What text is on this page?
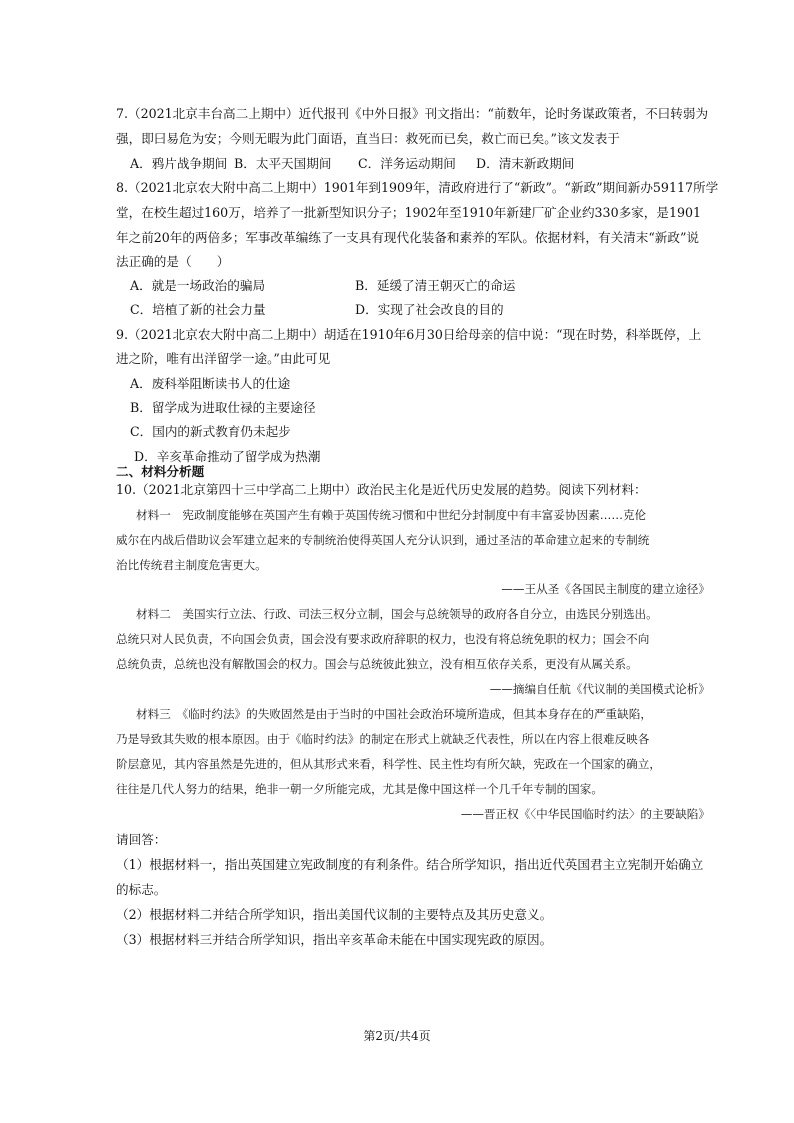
7.（2021北京丰台高二上期中）近代报刊《中外日报》刊文指出：“前数年，论时务谋政策者，不曰转弱为
强，即曰易危为安；今则无暇为此门面语，直当曰：救死而已矣，救亡而已矣。”该文发表于
A．鸦片战争期间 B．太平天国期间 C．洋务运动期间 D．清末新政期间
8.（2021北京农大附中高二上期中）1901年到1909年，清政府进行了“新政”。“新政”期间新办59117所学
堂，在校生超过160万，培养了一批新型知识分子；1902年至1910年新建厂矿企业约330多家，是1901
年之前20年的两倍多；军事改革编练了一支具有现代化装备和素养的军队。依据材料，有关清末“新政”说
法正确的是（　　）
A．就是一场政治的骗局	B．延缓了清王朝灭亡的命运
C．培植了新的社会力量	D．实现了社会改良的目的
9.（2021北京农大附中高二上期中）胡适在1910年6月30日给母亲的信中说：“现在时势，科举既停，上
进之阶，唯有出洋留学一途。”由此可见
A．废科举阻断读书人的仕途
B．留学成为进取仕禄的主要途径
C．国内的新式教育仍未起步
D．辛亥革命推动了留学成为热潮
二、材料分析题
10.（2021北京第四十三中学高二上期中）政治民主化是近代历史发展的趋势。阅读下列材料：
材料一　宪政制度能够在英国产生有赖于英国传统习惯和中世纪分封制度中有丰富妥协因素……克伦
威尔在内战后借助议会军建立起来的专制统治使得英国人充分认识到，通过圣洁的革命建立起来的专制统
治比传统君主制度危害更大。
——王从圣《各国民主制度的建立途径》
材料二　美国实行立法、行政、司法三权分立制，国会与总统领导的政府各自分立，由选民分别选出。
总统只对人民负责，不向国会负责，国会没有要求政府辞职的权力，也没有将总统免职的权力；国会不向
总统负责，总统也没有解散国会的权力。国会与总统彼此独立，没有相互依存关系，更没有从属关系。
——摘编自任航《代议制的美国模式论析》
材料三　《临时约法》的失败固然是由于当时的中国社会政治环境所造成，但其本身存在的严重缺陷，
乃是导致其失败的根本原因。由于《临时约法》的制定在形式上就缺乏代表性，所以在内容上很难反映各
阶层意见，其内容虽然是先进的，但从其形式来看，科学性、民主性均有所欠缺，宪政在一个国家的确立，
往往是几代人努力的结果，绝非一朝一夕所能完成，尤其是像中国这样一个几千年专制的国家。
——晋正权《〈中华民国临时约法〉的主要缺陷》
请回答：
（1）根据材料一，指出英国建立宪政制度的有利条件。结合所学知识，指出近代英国君主立宪制开始确立
的标志。
（2）根据材料二并结合所学知识，指出美国代议制的主要特点及其历史意义。
（3）根据材料三并结合所学知识，指出辛亥革命未能在中国实现宪政的原因。
第2页/共4页
